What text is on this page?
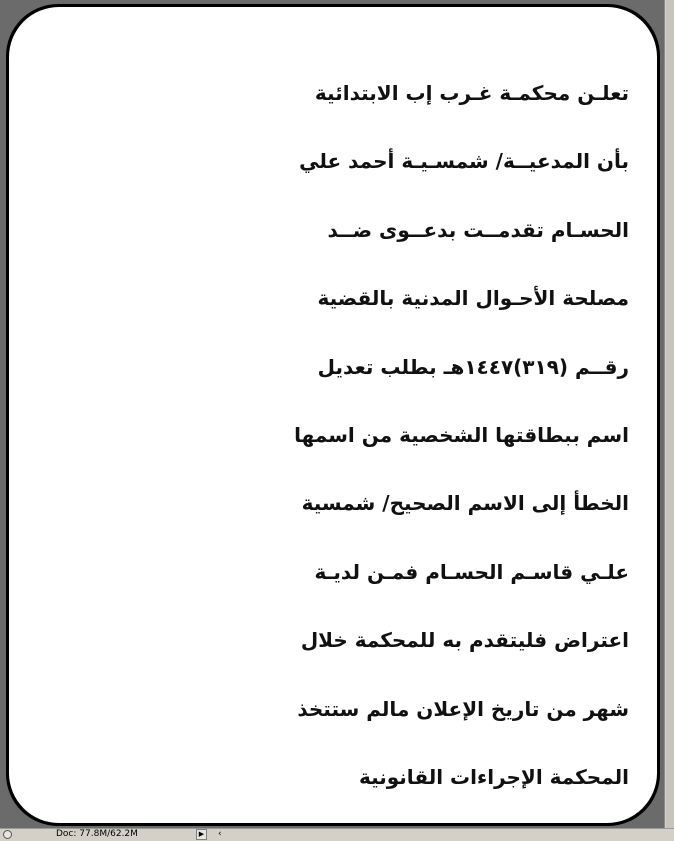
تعلـن محكمـة غـرب إب الابتدائية
بأن المدعيــة/ شمسـيـة أحمد علي
الحسـام تقدمــت بدعــوى ضــد
مصلحة الأحـوال المدنية بالقضية
رقــم (٣١٩)١٤٤٧هـ بطلب تعديل
اسم ببطاقتها الشخصية من اسمها
الخطأ إلى الاسم الصحيح/ شمسية
علـي قاسـم الحسـام فمـن لديـة
اعتراض فليتقدم به للمحكمة خلال
شهر من تاريخ الإعلان مالم ستتخذ
المحكمة الإجراءات القانونية
Doc: 77.8M/62.2M	▶	‹
